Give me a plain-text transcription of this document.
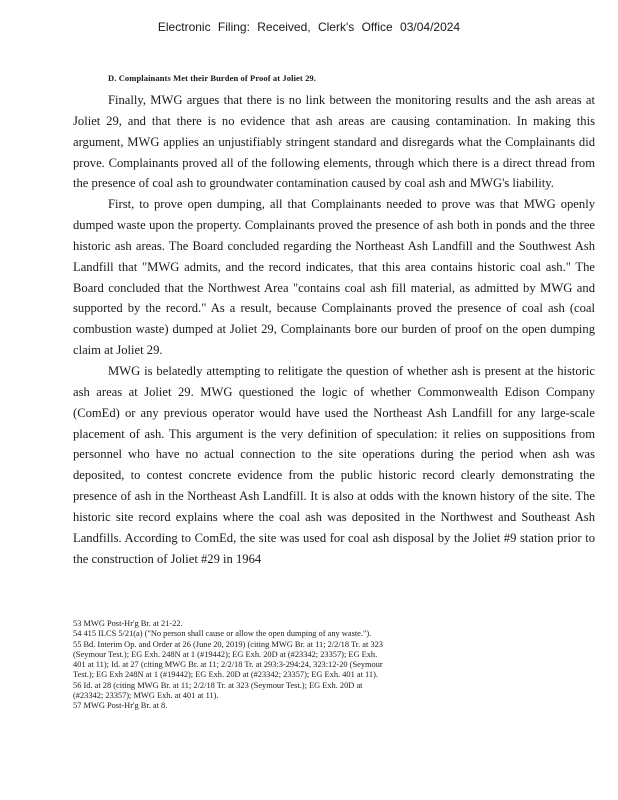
Electronic Filing: Received, Clerk's Office 03/04/2024
D. Complainants Met their Burden of Proof at Joliet 29.

Finally, MWG argues that there is no link between the monitoring results and the ash areas at Joliet 29, and that there is no evidence that ash areas are causing contamination. In making this argument, MWG applies an unjustifiably stringent standard and disregards what the Complainants did prove. Complainants proved all of the following elements, through which there is a direct thread from the presence of coal ash to groundwater contamination caused by coal ash and MWG's liability.

First, to prove open dumping, all that Complainants needed to prove was that MWG openly dumped waste upon the property. Complainants proved the presence of ash both in ponds and the three historic ash areas. The Board concluded regarding the Northeast Ash Landfill and the Southwest Ash Landfill that "MWG admits, and the record indicates, that this area contains historic coal ash." The Board concluded that the Northwest Area "contains coal ash fill material, as admitted by MWG and supported by the record." As a result, because Complainants proved the presence of coal ash (coal combustion waste) dumped at Joliet 29, Complainants bore our burden of proof on the open dumping claim at Joliet 29.

MWG is belatedly attempting to relitigate the question of whether ash is present at the historic ash areas at Joliet 29. MWG questioned the logic of whether Commonwealth Edison Company (ComEd) or any previous operator would have used the Northeast Ash Landfill for any large-scale placement of ash. This argument is the very definition of speculation: it relies on suppositions from personnel who have no actual connection to the site operations during the period when ash was deposited, to contest concrete evidence from the public historic record clearly demonstrating the presence of ash in the Northeast Ash Landfill. It is also at odds with the known history of the site. The historic site record explains where the coal ash was deposited in the Northwest and Southeast Ash Landfills. According to ComEd, the site was used for coal ash disposal by the Joliet #9 station prior to the construction of Joliet #29 in 1964

53 MWG Post-Hr'g Br. at 21-22.
54 415 ILCS 5/21(a) ("No person shall cause or allow the open dumping of any waste.").
55 Bd. Interim Op. and Order at 26 (June 20, 2019) (citing MWG Br. at 11; 2/2/18 Tr. at 323 (Seymour Test.); EG Exh. 248N at 1 (#19442); EG Exh. 20D at (#23342; 23357); EG Exh. 401 at 11); Id. at 27 (citing MWG Br. at 11; 2/2/18 Tr. at 293:3-294:24, 323:12-20 (Seymour Test.); EG Exh 248N at 1 (#19442); EG Exh. 20D at (#23342; 23357); EG Exh. 401 at 11).
56 Id. at 28 (citing MWG Br. at 11; 2/2/18 Tr. at 323 (Seymour Test.); EG Exh. 20D at (#23342; 23357); MWG Exh. at 401 at 11).
57 MWG Post-Hr'g Br. at 8.
